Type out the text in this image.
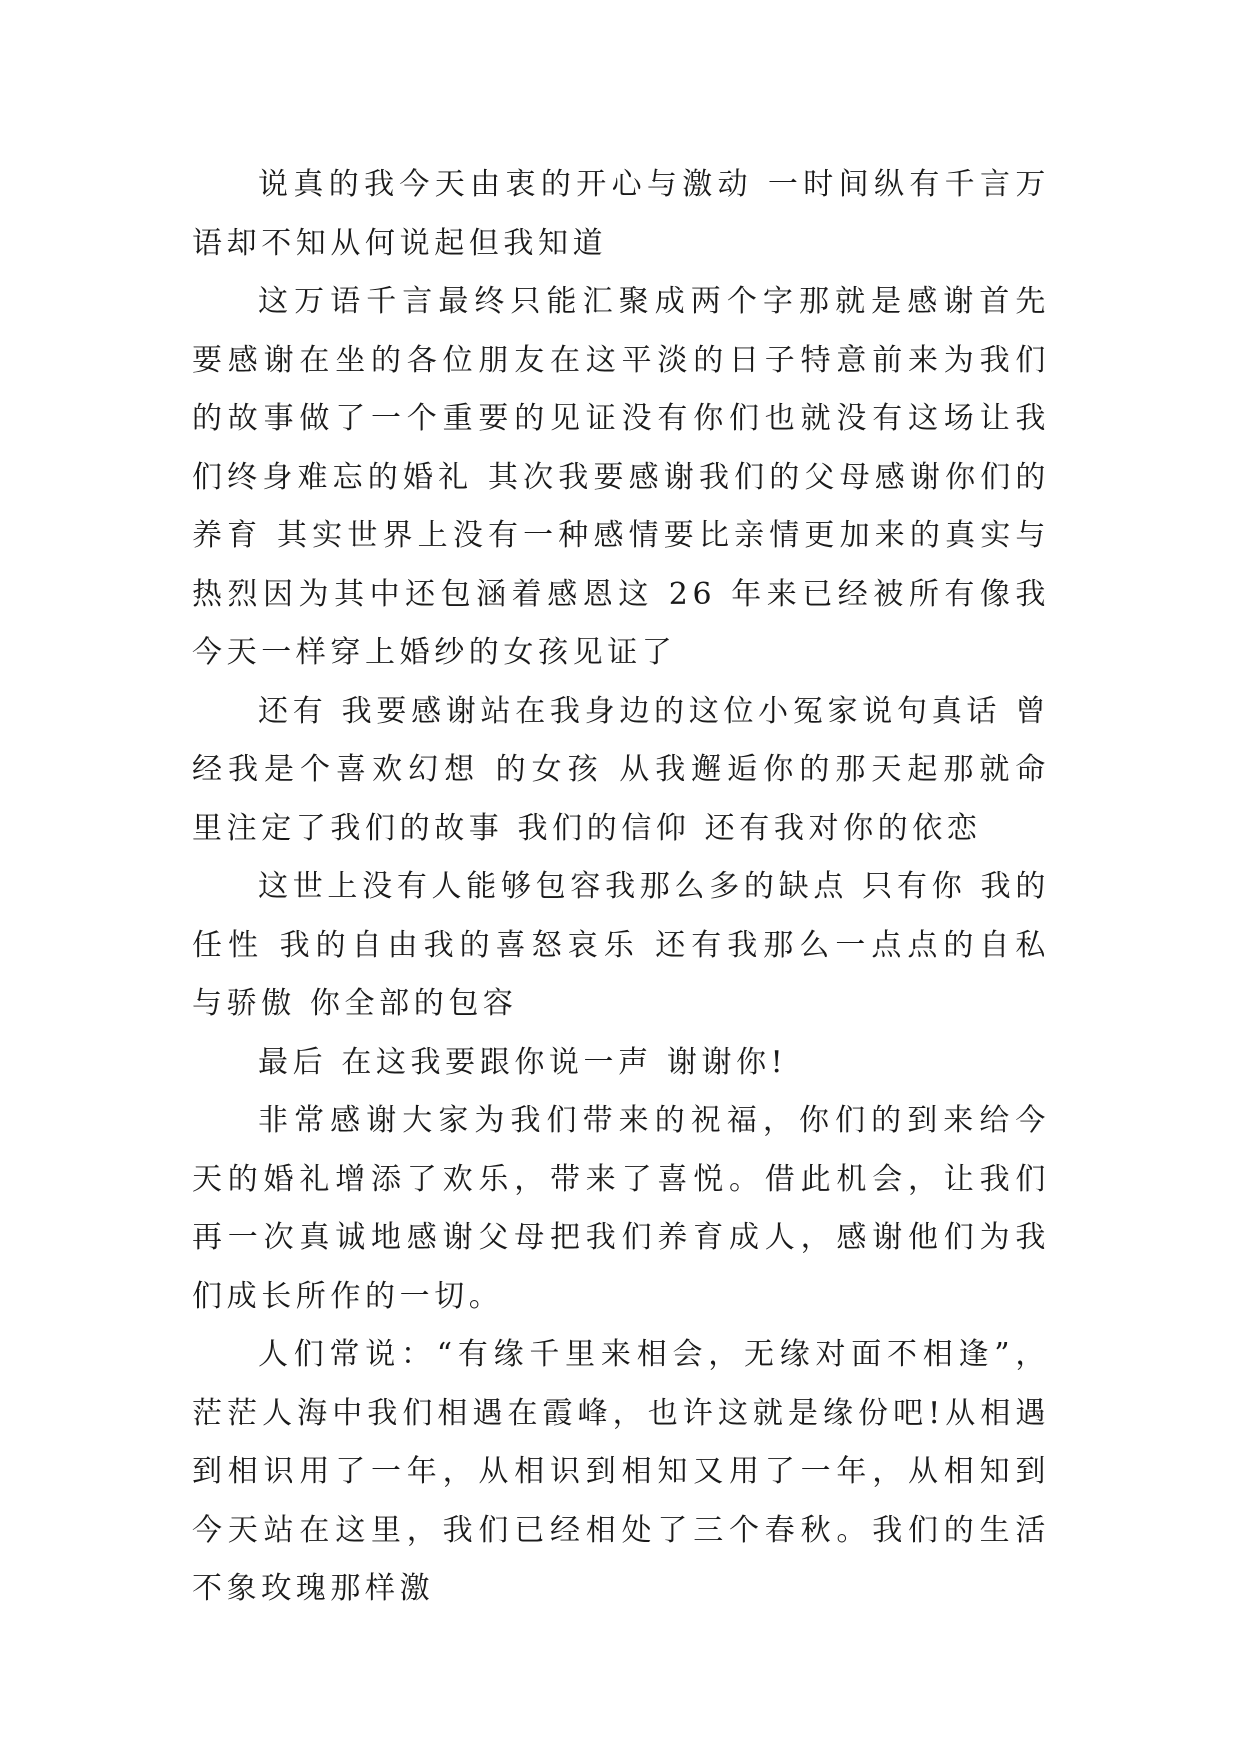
说真的我今天由衷的开心与激动 一时间纵有千言万语却不知从何说起但我知道

这万语千言最终只能汇聚成两个字那就是感谢首先要感谢在坐的各位朋友在这平淡的日子特意前来为我们的故事做了一个重要的见证没有你们也就没有这场让我们终身难忘的婚礼 其次我要感谢我们的父母感谢你们的养育 其实世界上没有一种感情要比亲情更加来的真实与热烈因为其中还包涵着感恩这 26 年来已经被所有像我今天一样穿上婚纱的女孩见证了

还有 我要感谢站在我身边的这位小冤家说句真话 曾经我是个喜欢幻想 的女孩 从我邂逅你的那天起那就命里注定了我们的故事 我们的信仰 还有我对你的依恋

这世上没有人能够包容我那么多的缺点 只有你 我的任性 我的自由我的喜怒哀乐 还有我那么一点点的自私与骄傲 你全部的包容

最后 在这我要跟你说一声 谢谢你!

非常感谢大家为我们带来的祝福，你们的到来给今天的婚礼增添了欢乐，带来了喜悦。借此机会，让我们再一次真诚地感谢父母把我们养育成人，感谢他们为我们成长所作的一切。

人们常说：“有缘千里来相会，无缘对面不相逢”，茫茫人海中我们相遇在霞峰，也许这就是缘份吧!从相遇到相识用了一年，从相识到相知又用了一年，从相知到今天站在这里，我们已经相处了三个春秋。我们的生活不象玫瑰那样激
